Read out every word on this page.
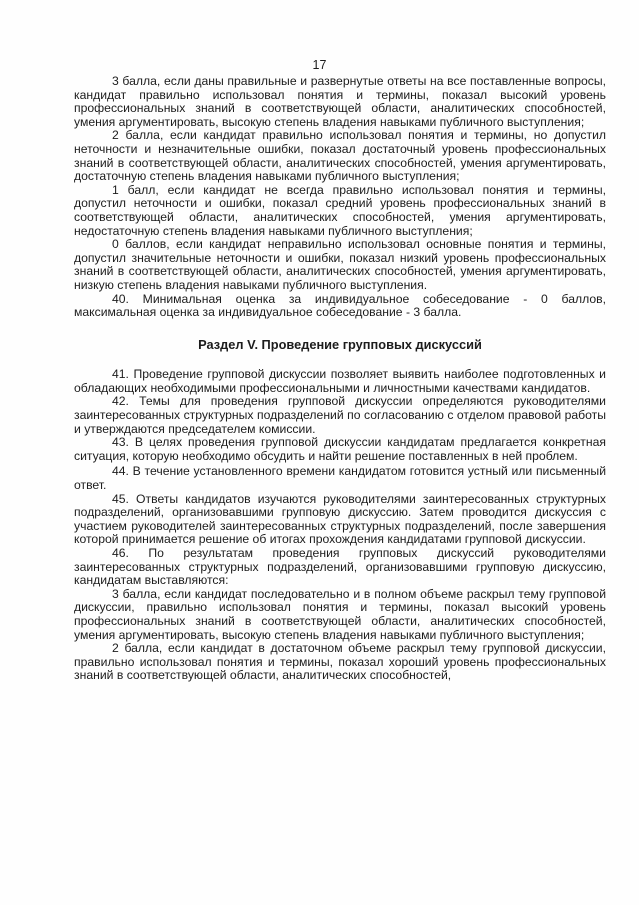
17

3 балла, если даны правильные и развернутые ответы на все поставленные вопросы, кандидат правильно использовал понятия и термины, показал высокий уровень профессиональных знаний в соответствующей области, аналитических способностей, умения аргументировать, высокую степень владения навыками публичного выступления;

2 балла, если кандидат правильно использовал понятия и термины, но допустил неточности и незначительные ошибки, показал достаточный уровень профессиональных знаний в соответствующей области, аналитических способностей, умения аргументировать, достаточную степень владения навыками публичного выступления;

1 балл, если кандидат не всегда правильно использовал понятия и термины, допустил неточности и ошибки, показал средний уровень профессиональных знаний в соответствующей области, аналитических способностей, умения аргументировать, недостаточную степень владения навыками публичного выступления;

0 баллов, если кандидат неправильно использовал основные понятия и термины, допустил значительные неточности и ошибки, показал низкий уровень профессиональных знаний в соответствующей области, аналитических способностей, умения аргументировать, низкую степень владения навыками публичного выступления.

40. Минимальная оценка за индивидуальное собеседование - 0 баллов, максимальная оценка за индивидуальное собеседование - 3 балла.

Раздел V. Проведение групповых дискуссий

41. Проведение групповой дискуссии позволяет выявить наиболее подготовленных и обладающих необходимыми профессиональными и личностными качествами кандидатов.

42. Темы для проведения групповой дискуссии определяются руководителями заинтересованных структурных подразделений по согласованию с отделом правовой работы и утверждаются председателем комиссии.

43. В целях проведения групповой дискуссии кандидатам предлагается конкретная ситуация, которую необходимо обсудить и найти решение поставленных в ней проблем.

44. В течение установленного времени кандидатом готовится устный или письменный ответ.

45. Ответы кандидатов изучаются руководителями заинтересованных структурных подразделений, организовавшими групповую дискуссию. Затем проводится дискуссия с участием руководителей заинтересованных структурных подразделений, после завершения которой принимается решение об итогах прохождения кандидатами групповой дискуссии.

46. По результатам проведения групповых дискуссий руководителями заинтересованных структурных подразделений, организовавшими групповую дискуссию, кандидатам выставляются:

3 балла, если кандидат последовательно и в полном объеме раскрыл тему групповой дискуссии, правильно использовал понятия и термины, показал высокий уровень профессиональных знаний в соответствующей области, аналитических способностей, умения аргументировать, высокую степень владения навыками публичного выступления;

2 балла, если кандидат в достаточном объеме раскрыл тему групповой дискуссии, правильно использовал понятия и термины, показал хороший уровень профессиональных знаний в соответствующей области, аналитических способностей,
